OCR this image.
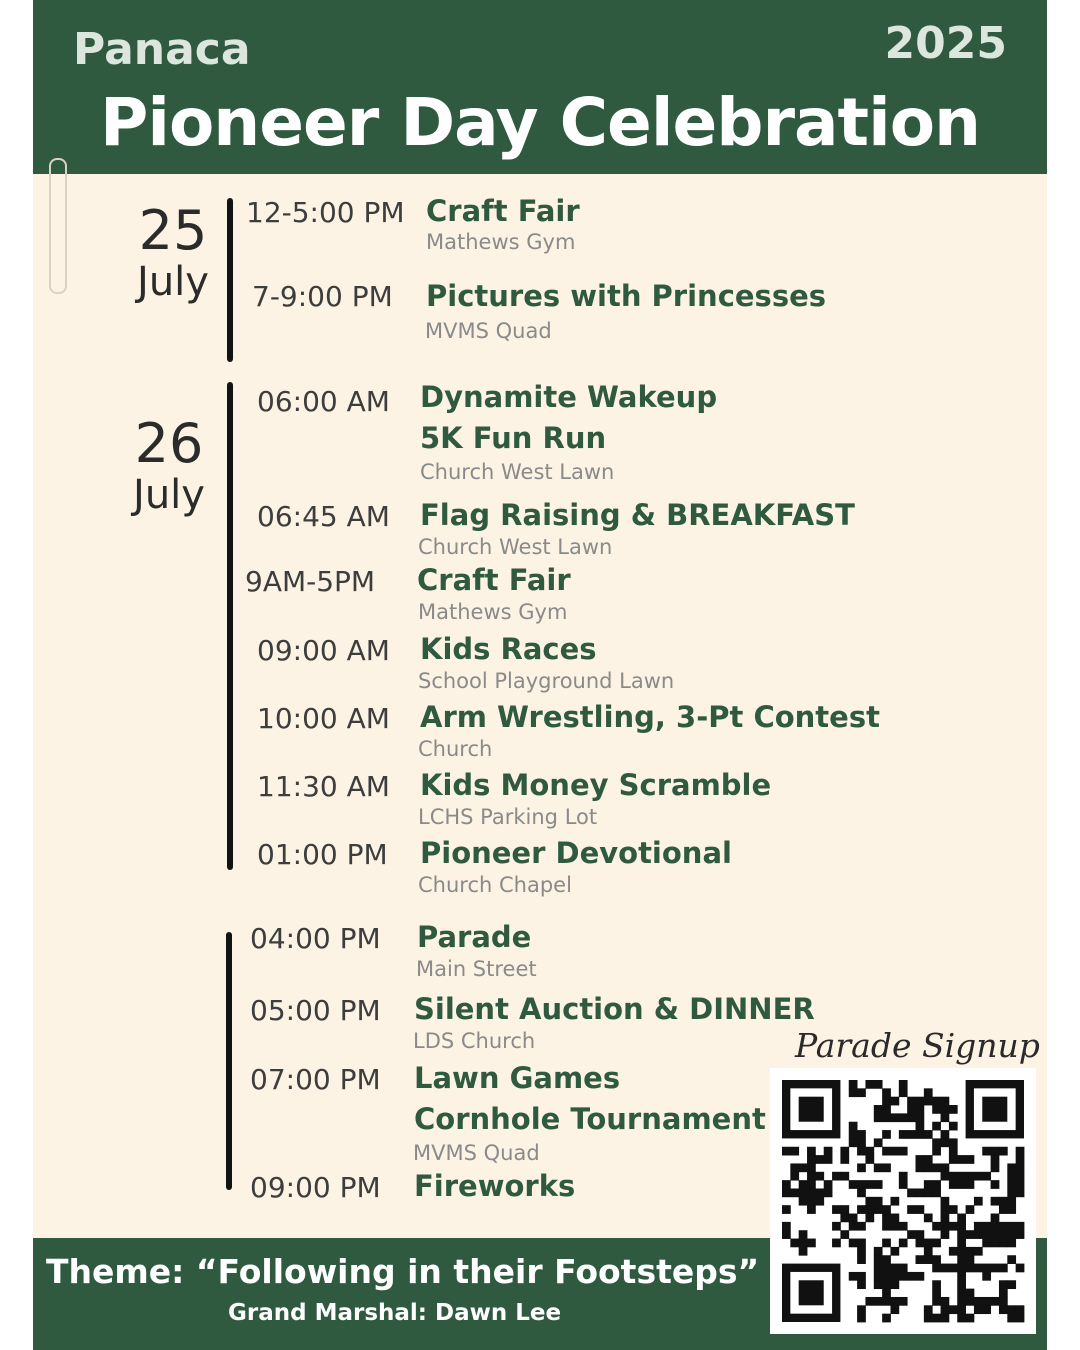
Panaca	2025
Pioneer Day Celebration
25
July
26
July
12-5:00 PM Craft Fair
Mathews Gym
7-9:00 PM Pictures with Princesses
MVMS Quad
06:00 AM Dynamite Wakeup
5K Fun Run
Church West Lawn
06:45 AM Flag Raising & BREAKFAST
Church West Lawn
9AM-5PM Craft Fair
Mathews Gym
09:00 AM Kids Races
School Playground Lawn
10:00 AM Arm Wrestling, 3-Pt Contest
Church
11:30 AM Kids Money Scramble
LCHS Parking Lot
01:00 PM Pioneer Devotional
Church Chapel
04:00 PM Parade
Main Street
05:00 PM Silent Auction & DINNER
LDS Church
07:00 PM Lawn Games
Cornhole Tournament
MVMS Quad
09:00 PM Fireworks
Theme: “Following in their Footsteps”
Grand Marshal: Dawn Lee
Parade Signup
